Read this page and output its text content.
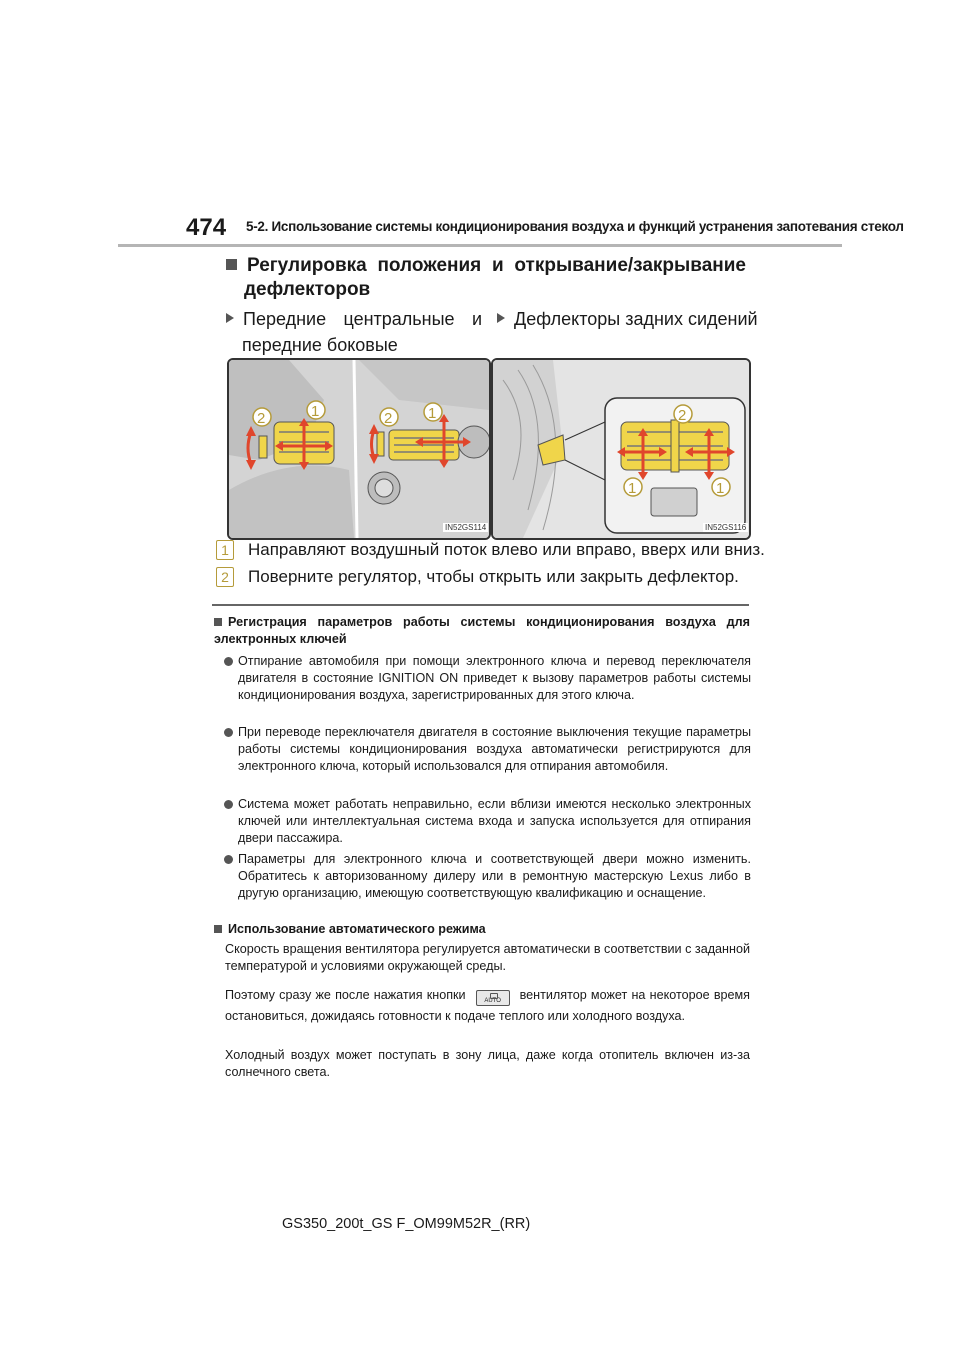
474 5-2. Использование системы кондиционирования воздуха и функций устранения запотевания стекол
Регулировка положения и открывание/закрывание
дефлекторов
Передние центральные и
передние боковые
Дефлекторы задних сидений
2	1	2 1
IN52GS114
2
1	1
IN52GS116
1	Направляют воздушный поток влево или вправо, вверх или вниз.
2	Поверните регулятор, чтобы открыть или закрыть дефлектор.
Регистрация параметров работы системы кондиционирования воздуха для электронных ключей
Отпирание автомобиля при помощи электронного ключа и перевод переключателя двигателя в состояние IGNITION ON приведет к вызову параметров работы системы кондиционирования воздуха, зарегистрированных для этого ключа.
При переводе переключателя двигателя в состояние выключения текущие параметры работы системы кондиционирования воздуха автоматически регистрируются для электронного ключа, который использовался для отпирания автомобиля.
Система может работать неправильно, если вблизи имеются несколько электронных ключей или интеллектуальная система входа и запуска используется для отпирания двери пассажира.
Параметры для электронного ключа и соответствующей двери можно изменить. Обратитесь к авторизованному дилеру или в ремонтную мастерскую Lexus либо в другую организацию, имеющую соответствующую квалификацию и оснащение.
Использование автоматического режима
Скорость вращения вентилятора регулируется автоматически в соответствии с заданной температурой и условиями окружающей среды.
Поэтому сразу же после нажатия кнопки	AUTO вентилятор может на некоторое время остановиться, дожидаясь готовности к подаче теплого или холодного воздуха.
Холодный воздух может поступать в зону лица, даже когда отопитель включен из-за солнечного света.
GS350_200t_GS F_OM99M52R_(RR)
